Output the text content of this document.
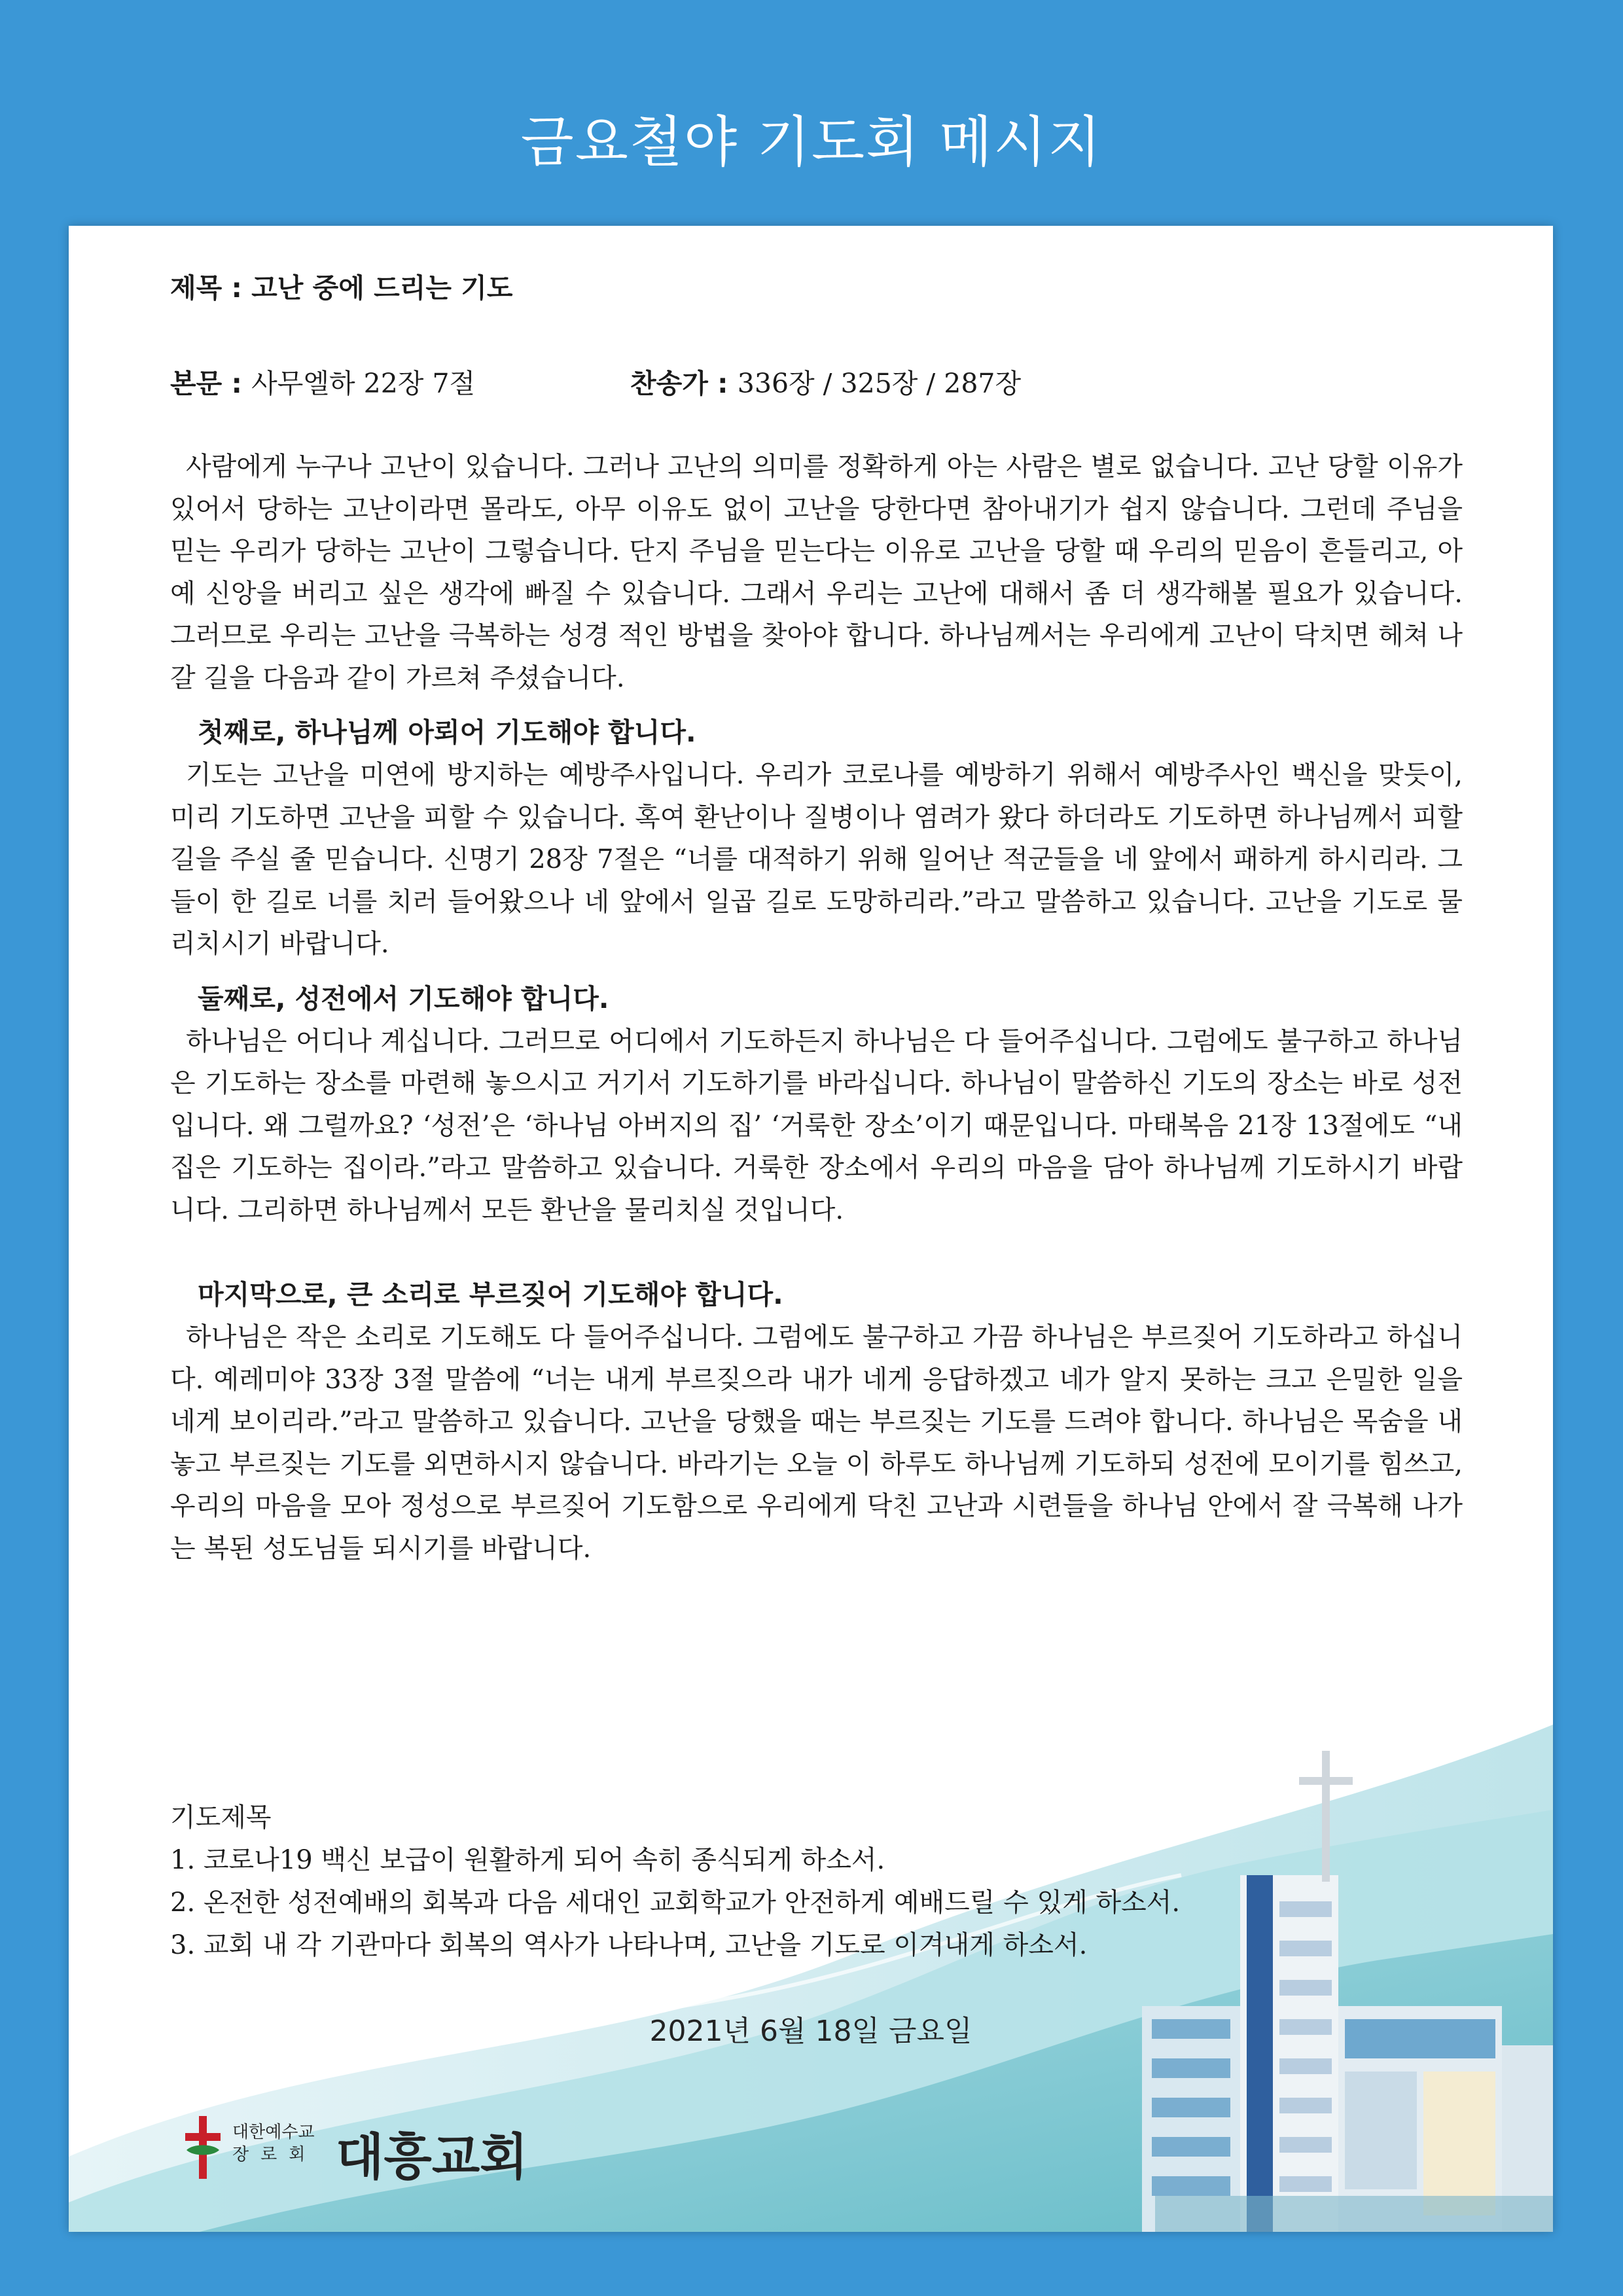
금요철야 기도회 메시지
제목 : 고난 중에 드리는 기도
본문 : 사무엘하 22장 7절	찬송가 : 336장 / 325장 / 287장

사람에게 누구나 고난이 있습니다. 그러나 고난의 의미를 정확하게 아는 사람은 별로 없습니다. 고난 당할 이유가 있어서 당하는 고난이라면 몰라도, 아무 이유도 없이 고난을 당한다면 참아내기가 쉽지 않습니다. 그런데 주님을 믿는 우리가 당하는 고난이 그렇습니다. 단지 주님을 믿는다는 이유로 고난을 당할 때 우리의 믿음이 흔들리고, 아예 신앙을 버리고 싶은 생각에 빠질 수 있습니다. 그래서 우리는 고난에 대해서 좀 더 생각해볼 필요가 있습니다. 그러므로 우리는 고난을 극복하는 성경 적인 방법을 찾아야 합니다. 하나님께서는 우리에게 고난이 닥치면 헤쳐 나갈 길을 다음과 같이 가르쳐 주셨습니다.

첫째로, 하나님께 아뢰어 기도해야 합니다.

기도는 고난을 미연에 방지하는 예방주사입니다. 우리가 코로나를 예방하기 위해서 예방주사인 백신을 맞듯이, 미리 기도하면 고난을 피할 수 있습니다. 혹여 환난이나 질병이나 염려가 왔다 하더라도 기도하면 하나님께서 피할 길을 주실 줄 믿습니다. 신명기 28장 7절은 “너를 대적하기 위해 일어난 적군들을 네 앞에서 패하게 하시리라. 그들이 한 길로 너를 치러 들어왔으나 네 앞에서 일곱 길로 도망하리라.”라고 말씀하고 있습니다. 고난을 기도로 물리치시기 바랍니다.

둘째로, 성전에서 기도해야 합니다.

하나님은 어디나 계십니다. 그러므로 어디에서 기도하든지 하나님은 다 들어주십니다. 그럼에도 불구하고 하나님은 기도하는 장소를 마련해 놓으시고 거기서 기도하기를 바라십니다. 하나님이 말씀하신 기도의 장소는 바로 성전입니다. 왜 그럴까요? ‘성전’은 ‘하나님 아버지의 집’ ‘거룩한 장소’이기 때문입니다. 마태복음 21장 13절에도 “내 집은 기도하는 집이라.”라고 말씀하고 있습니다. 거룩한 장소에서 우리의 마음을 담아 하나님께 기도하시기 바랍니다. 그리하면 하나님께서 모든 환난을 물리치실 것입니다.

마지막으로, 큰 소리로 부르짖어 기도해야 합니다.

하나님은 작은 소리로 기도해도 다 들어주십니다. 그럼에도 불구하고 가끔 하나님은 부르짖어 기도하라고 하십니다. 예레미야 33장 3절 말씀에 “너는 내게 부르짖으라 내가 네게 응답하겠고 네가 알지 못하는 크고 은밀한 일을 네게 보이리라.”라고 말씀하고 있습니다. 고난을 당했을 때는 부르짖는 기도를 드려야 합니다. 하나님은 목숨을 내놓고 부르짖는 기도를 외면하시지 않습니다. 바라기는 오늘 이 하루도 하나님께 기도하되 성전에 모이기를 힘쓰고, 우리의 마음을 모아 정성으로 부르짖어 기도함으로 우리에게 닥친 고난과 시련들을 하나님 안에서 잘 극복해 나가는 복된 성도님들 되시기를 바랍니다.

기도제목
1. 코로나19 백신 보급이 원활하게 되어 속히 종식되게 하소서.
2. 온전한 성전예배의 회복과 다음 세대인 교회학교가 안전하게 예배드릴 수 있게 하소서.
3. 교회 내 각 기관마다 회복의 역사가 나타나며, 고난을 기도로 이겨내게 하소서.
2021년 6월 18일 금요일
대한예수교
장로회 대흥교회
